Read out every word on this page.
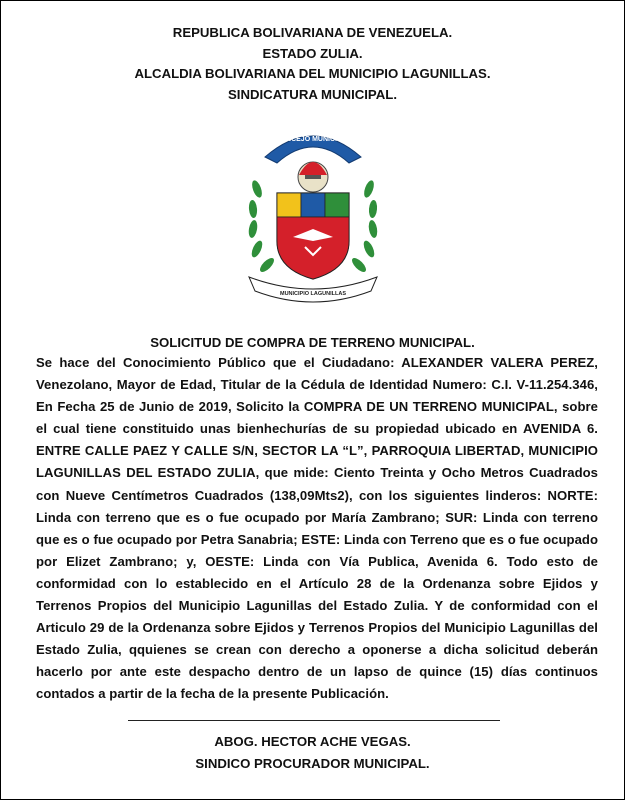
REPUBLICA BOLIVARIANA DE VENEZUELA.
ESTADO ZULIA.
ALCALDIA BOLIVARIANA DEL MUNICIPIO LAGUNILLAS.
SINDICATURA MUNICIPAL.
CONCEJO MUNICIPAL
MUNICIPIO LAGUNILLAS
SOLICITUD DE COMPRA DE TERRENO MUNICIPAL.
Se hace del Conocimiento Público que el Ciudadano: ALEXANDER VALERA PEREZ, Venezolano, Mayor de Edad, Titular de la Cédula de Identidad Numero: C.I. V-11.254.346, En Fecha 25 de Junio de 2019, Solicito la COMPRA DE UN TERRENO MUNICIPAL, sobre el cual tiene constituido unas bienhechurías de su propiedad ubicado en AVENIDA 6. ENTRE CALLE PAEZ Y CALLE S/N, SECTOR LA “L”, PARROQUIA LIBERTAD, MUNICIPIO LAGUNILLAS DEL ESTADO ZULIA, que mide: Ciento Treinta y Ocho Metros Cuadrados con Nueve Centímetros Cuadrados (138,09Mts2), con los siguientes linderos: NORTE: Linda con terreno que es o fue ocupado por María Zambrano; SUR: Linda con terreno que es o fue ocupado por Petra Sanabria; ESTE: Linda con Terreno que es o fue ocupado por Elizet Zambrano; y, OESTE: Linda con Vía Publica, Avenida 6. Todo esto de conformidad con lo establecido en el Artículo 28 de la Ordenanza sobre Ejidos y Terrenos Propios del Municipio Lagunillas del Estado Zulia. Y de conformidad con el Articulo 29 de la Ordenanza sobre Ejidos y Terrenos Propios del Municipio Lagunillas del Estado Zulia, qquienes se crean con derecho a oponerse a dicha solicitud deberán hacerlo por ante este despacho dentro de un lapso de quince (15) días continuos contados a partir de la fecha de la presente Publicación.
ABOG. HECTOR ACHE VEGAS.
SINDICO PROCURADOR MUNICIPAL.
